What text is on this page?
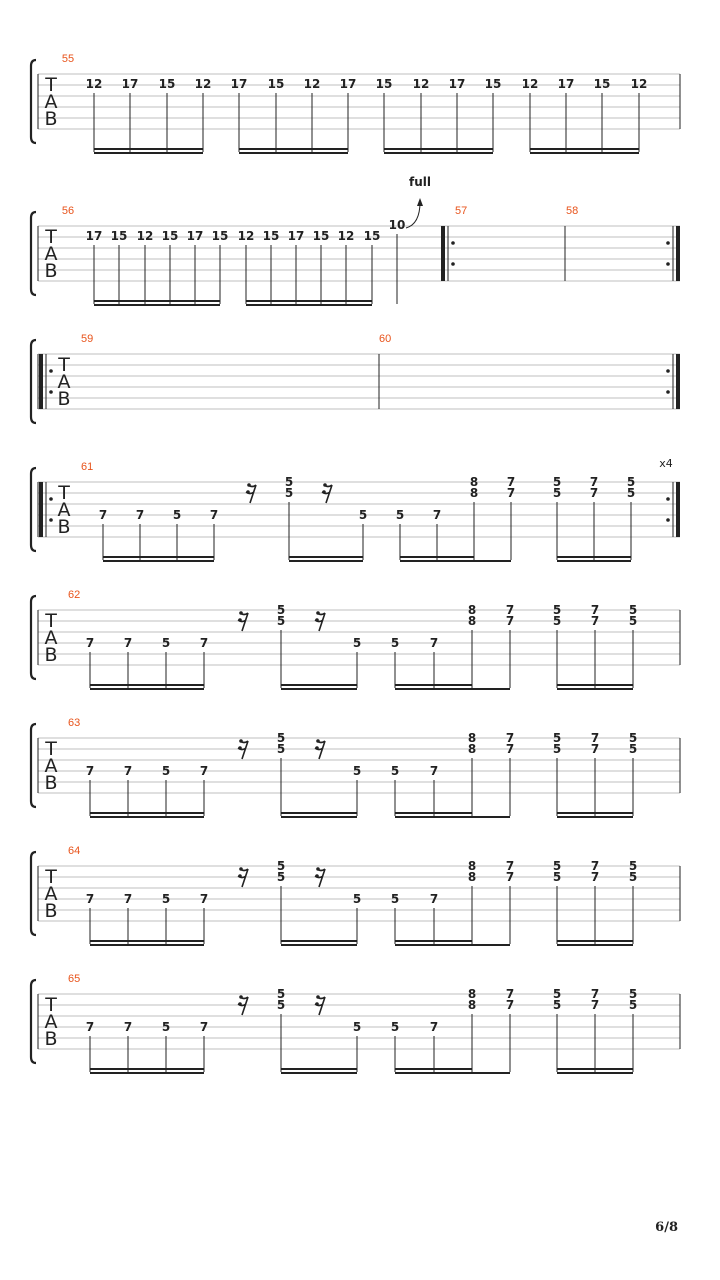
T
A
B
55
12 17 15 12 17 15 12 17 15 12 17 15 12 17 15 12
T
A
B
56
17 15 12 15 17 15 12 15 17 15 12 15
10
full
57	58
T
A
B
59	60
T
A
B
61	x4
7 7 5 7
5
5
5 5 7
8
8
7
7
5
5
7
7
5
5
T
A
B
62
7 7 5 7
5
5
5 5	7
8
8
7
7
5
5
7
7
5
5
T
A
B
63
7 7 5 7
5
5
5 5	7
8
8
7
7
5
5
7
7
5
5
T
A
B
64
7 7 5 7
5
5
5 5	7
8
8
7
7
5
5
7
7
5
5
T
A
B
65
7 7 5 7
5
5
5 5	7
8
8
7
7
5
5
7
7
5
5
6/8
